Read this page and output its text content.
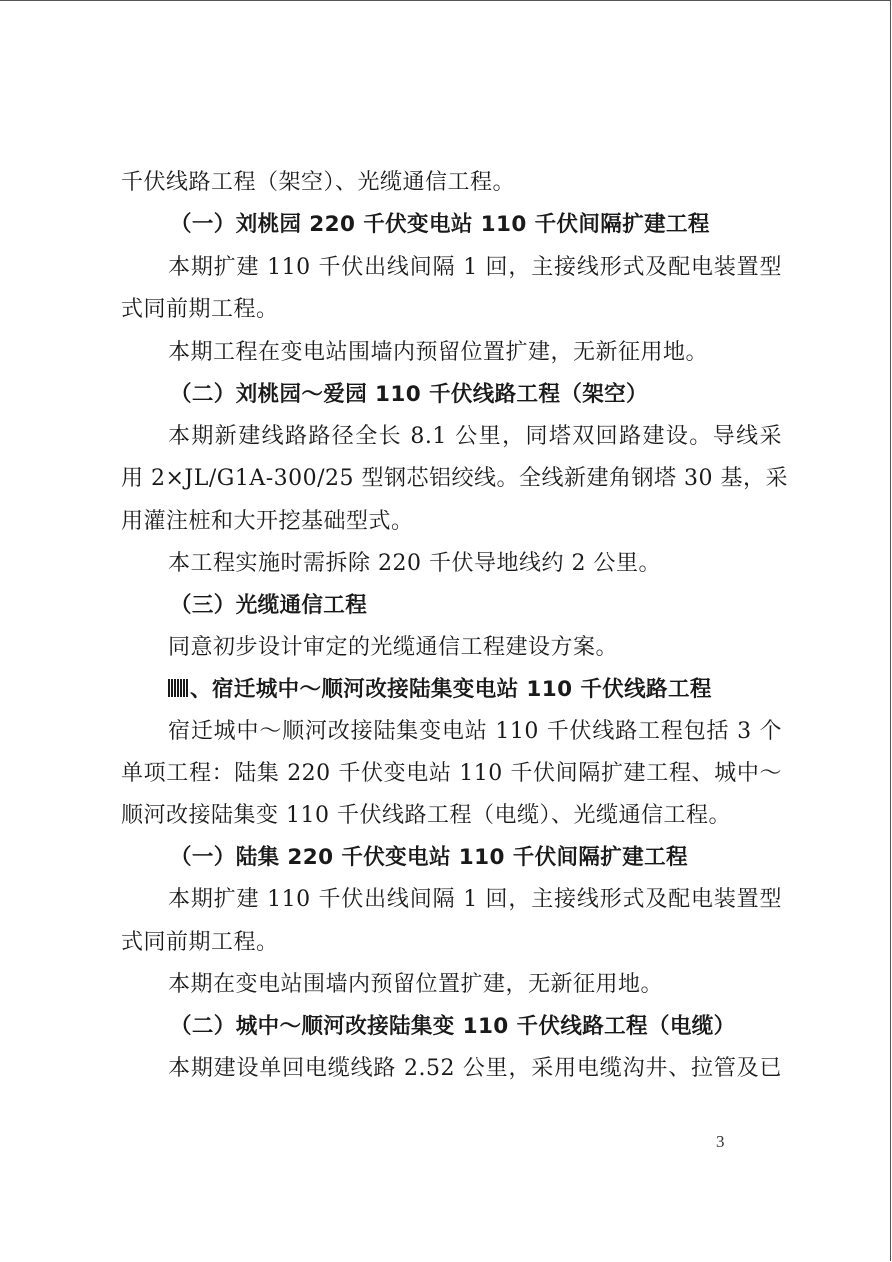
千伏线路工程（架空）、光缆通信工程。
（一）刘桃园 220 千伏变电站 110 千伏间隔扩建工程
本期扩建 110 千伏出线间隔 1 回，主接线形式及配电装置型
式同前期工程。
本期工程在变电站围墙内预留位置扩建，无新征用地。
（二）刘桃园～爱园 110 千伏线路工程（架空）
本期新建线路路径全长 8.1 公里，同塔双回路建设。导线采
用 2×JL/G1A-300/25 型钢芯铝绞线。全线新建角钢塔 30 基，采
用灌注桩和大开挖基础型式。
本工程实施时需拆除 220 千伏导地线约 2 公里。
（三）光缆通信工程
同意初步设计审定的光缆通信工程建设方案。
、宿迁城中～顺河改接陆集变电站 110 千伏线路工程
宿迁城中～顺河改接陆集变电站 110 千伏线路工程包括 3 个
单项工程：陆集 220 千伏变电站 110 千伏间隔扩建工程、城中～
顺河改接陆集变 110 千伏线路工程（电缆）、光缆通信工程。
（一）陆集 220 千伏变电站 110 千伏间隔扩建工程
本期扩建 110 千伏出线间隔 1 回，主接线形式及配电装置型
式同前期工程。
本期在变电站围墙内预留位置扩建，无新征用地。
（二）城中～顺河改接陆集变 110 千伏线路工程（电缆）
本期建设单回电缆线路 2.52 公里，采用电缆沟井、拉管及已
3
